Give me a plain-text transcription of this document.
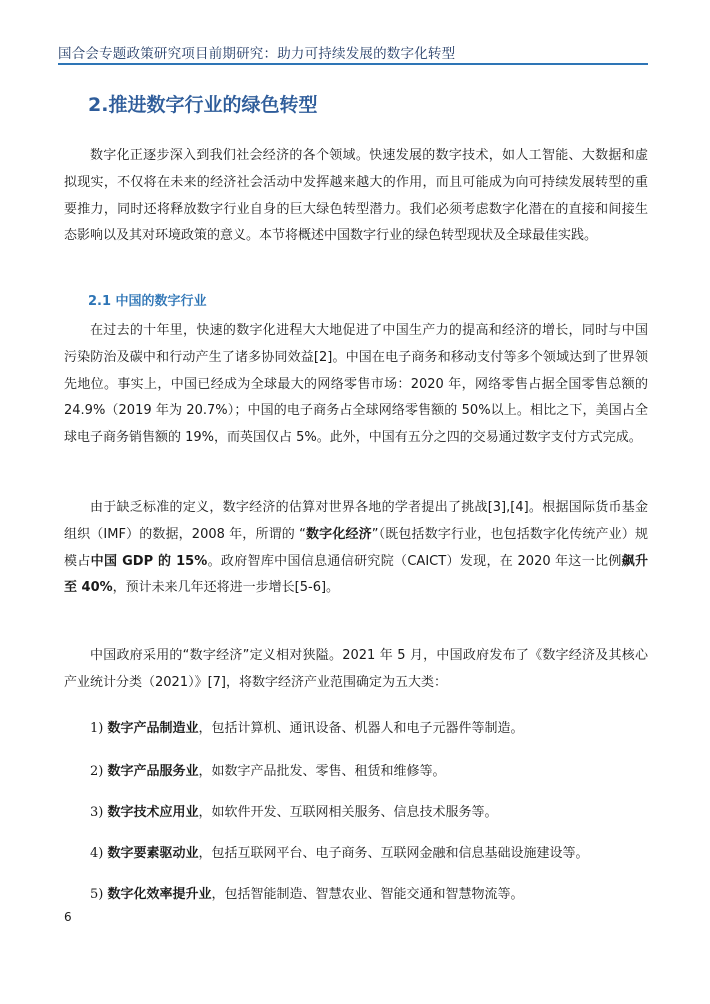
国合会专题政策研究项目前期研究：助力可持续发展的数字化转型
2.推进数字行业的绿色转型

数字化正逐步深入到我们社会经济的各个领域。快速发展的数字技术，如人工智能、大数据和虚拟现实，不仅将在未来的经济社会活动中发挥越来越大的作用，而且可能成为向可持续发展转型的重要推力，同时还将释放数字行业自身的巨大绿色转型潜力。我们必须考虑数字化潜在的直接和间接生态影响以及其对环境政策的意义。本节将概述中国数字行业的绿色转型现状及全球最佳实践。

2.1 中国的数字行业

在过去的十年里，快速的数字化进程大大地促进了中国生产力的提高和经济的增长，同时与中国污染防治及碳中和行动产生了诸多协同效益[2]。中国在电子商务和移动支付等多个领域达到了世界领先地位。事实上，中国已经成为全球最大的网络零售市场：2020 年，网络零售占据全国零售总额的 24.9%（2019 年为 20.7%）；中国的电子商务占全球网络零售额的 50%以上。相比之下，美国占全球电子商务销售额的 19%，而英国仅占 5%。此外，中国有五分之四的交易通过数字支付方式完成。

由于缺乏标准的定义，数字经济的估算对世界各地的学者提出了挑战[3],[4]。根据国际货币基金组织（IMF）的数据，2008 年，所谓的 “数字化经济”（既包括数字行业，也包括数字化传统产业）规模占中国 GDP 的 15%。政府智库中国信息通信研究院（CAICT）发现，在 2020 年这一比例飙升至 40%，预计未来几年还将进一步增长[5-6]。

中国政府采用的“数字经济”定义相对狭隘。2021 年 5 月，中国政府发布了《数字经济及其核心产业统计分类（2021）》[7]，将数字经济产业范围确定为五大类：

1) 数字产品制造业，包括计算机、通讯设备、机器人和电子元器件等制造。
2) 数字产品服务业，如数字产品批发、零售、租赁和维修等。
3) 数字技术应用业，如软件开发、互联网相关服务、信息技术服务等。
4) 数字要素驱动业，包括互联网平台、电子商务、互联网金融和信息基础设施建设等。
5) 数字化效率提升业，包括智能制造、智慧农业、智能交通和智慧物流等。
6
